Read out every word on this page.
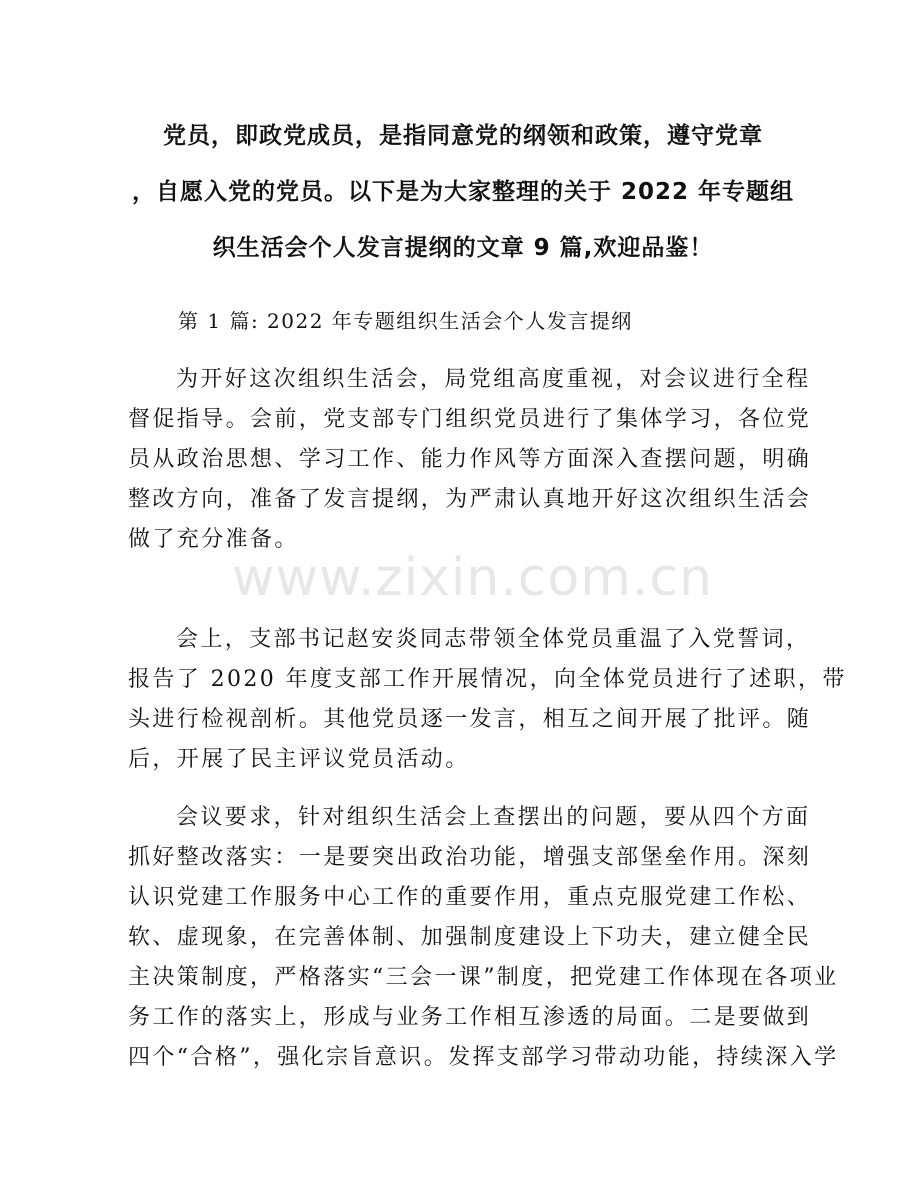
党员，即政党成员，是指同意党的纲领和政策，遵守党章

，自愿入党的党员。以下是为大家整理的关于 2022 年专题组

织生活会个人发言提纲的文章 9 篇,欢迎品鉴！

第 1 篇: 2022 年专题组织生活会个人发言提纲
为开好这次组织生活会，局党组高度重视，对会议进行全程
督促指导。会前，党支部专门组织党员进行了集体学习，各位党
员从政治思想、学习工作、能力作风等方面深入查摆问题，明确
整改方向，准备了发言提纲，为严肃认真地开好这次组织生活会
做了充分准备。
会上，支部书记赵安炎同志带领全体党员重温了入党誓词，
报告了 2020 年度支部工作开展情况，向全体党员进行了述职，带
头进行检视剖析。其他党员逐一发言，相互之间开展了批评。随
后，开展了民主评议党员活动。
会议要求，针对组织生活会上查摆出的问题，要从四个方面
抓好整改落实：一是要突出政治功能，增强支部堡垒作用。深刻
认识党建工作服务中心工作的重要作用，重点克服党建工作松、
软、虚现象，在完善体制、加强制度建设上下功夫，建立健全民
主决策制度，严格落实“三会一课”制度，把党建工作体现在各项业
务工作的落实上，形成与业务工作相互渗透的局面。二是要做到
四个“合格”，强化宗旨意识。发挥支部学习带动功能，持续深入学
www.zixin.com.cn
